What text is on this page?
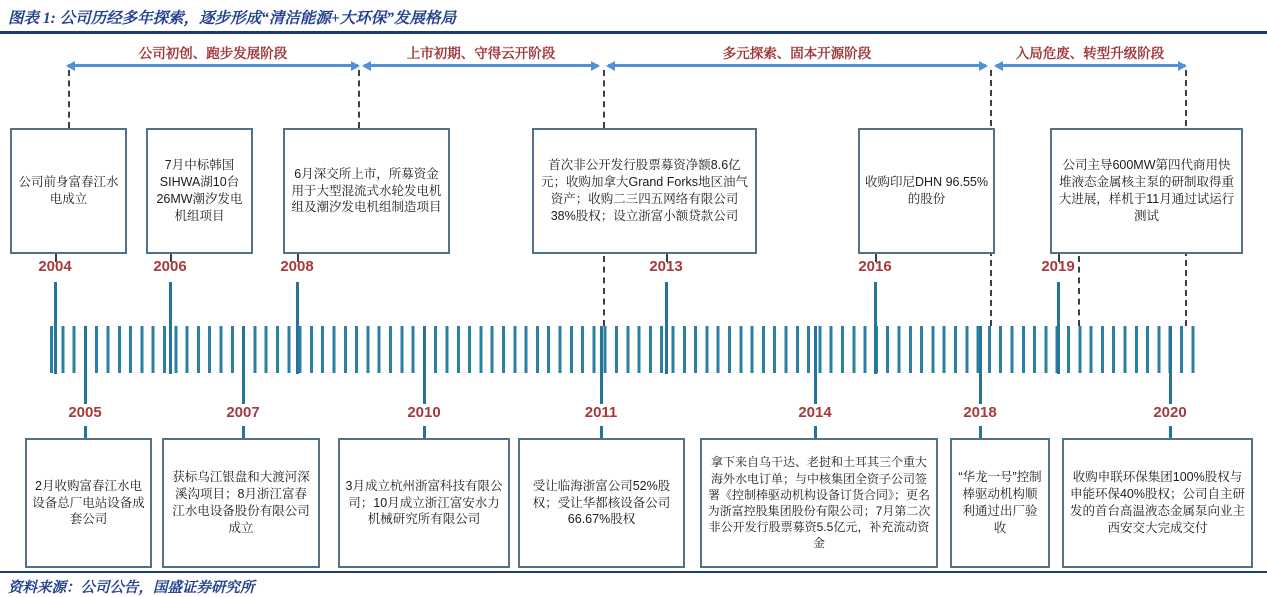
图表 1: 公司历经多年探索，逐步形成“清洁能源+大环保”发展格局
公司初创、跑步发展阶段	上市初期、守得云开阶段	多元探索、固本开源阶段	入局危废、转型升级阶段
公司前身富春江水电成立
7月中标韩国SIHWA湖10台26MW潮汐发电机组项目
6月深交所上市，所募资金用于大型混流式水轮发电机组及潮汐发电机组制造项目
首次非公开发行股票募资净额8.6亿元；收购加拿大Grand Forks地区油气资产；收购二三四五网络有限公司38%股权；设立浙富小额贷款公司
收购印尼DHN 96.55%的股份
公司主导600MW第四代商用快堆液态金属核主泵的研制取得重大进展，样机于11月通过试运行测试
2004	2006	2008	2013	2016	2019
2005	2007	2010	2011	2014	2018	2020
2月收购富春江水电设备总厂电站设备成套公司
获标乌江银盘和大渡河深溪沟项目；8月浙江富春江水电设备股份有限公司成立
3月成立杭州浙富科技有限公司；10月成立浙江富安水力机械研究所有限公司
受让临海浙富公司52%股权；受让华都核设备公司66.67%股权
拿下来自乌干达、老挝和土耳其三个重大海外水电订单；与中核集团全资子公司签署《控制棒驱动机构设备订货合同》；更名为浙富控股集团股份有限公司；7月第二次非公开发行股票募资5.5亿元，补充流动资金
“华龙一号”控制棒驱动机构顺利通过出厂验收
收购申联环保集团100%股权与申能环保40%股权；公司自主研发的首台高温液态金属泵向业主西安交大完成交付
资料来源：公司公告，国盛证券研究所
